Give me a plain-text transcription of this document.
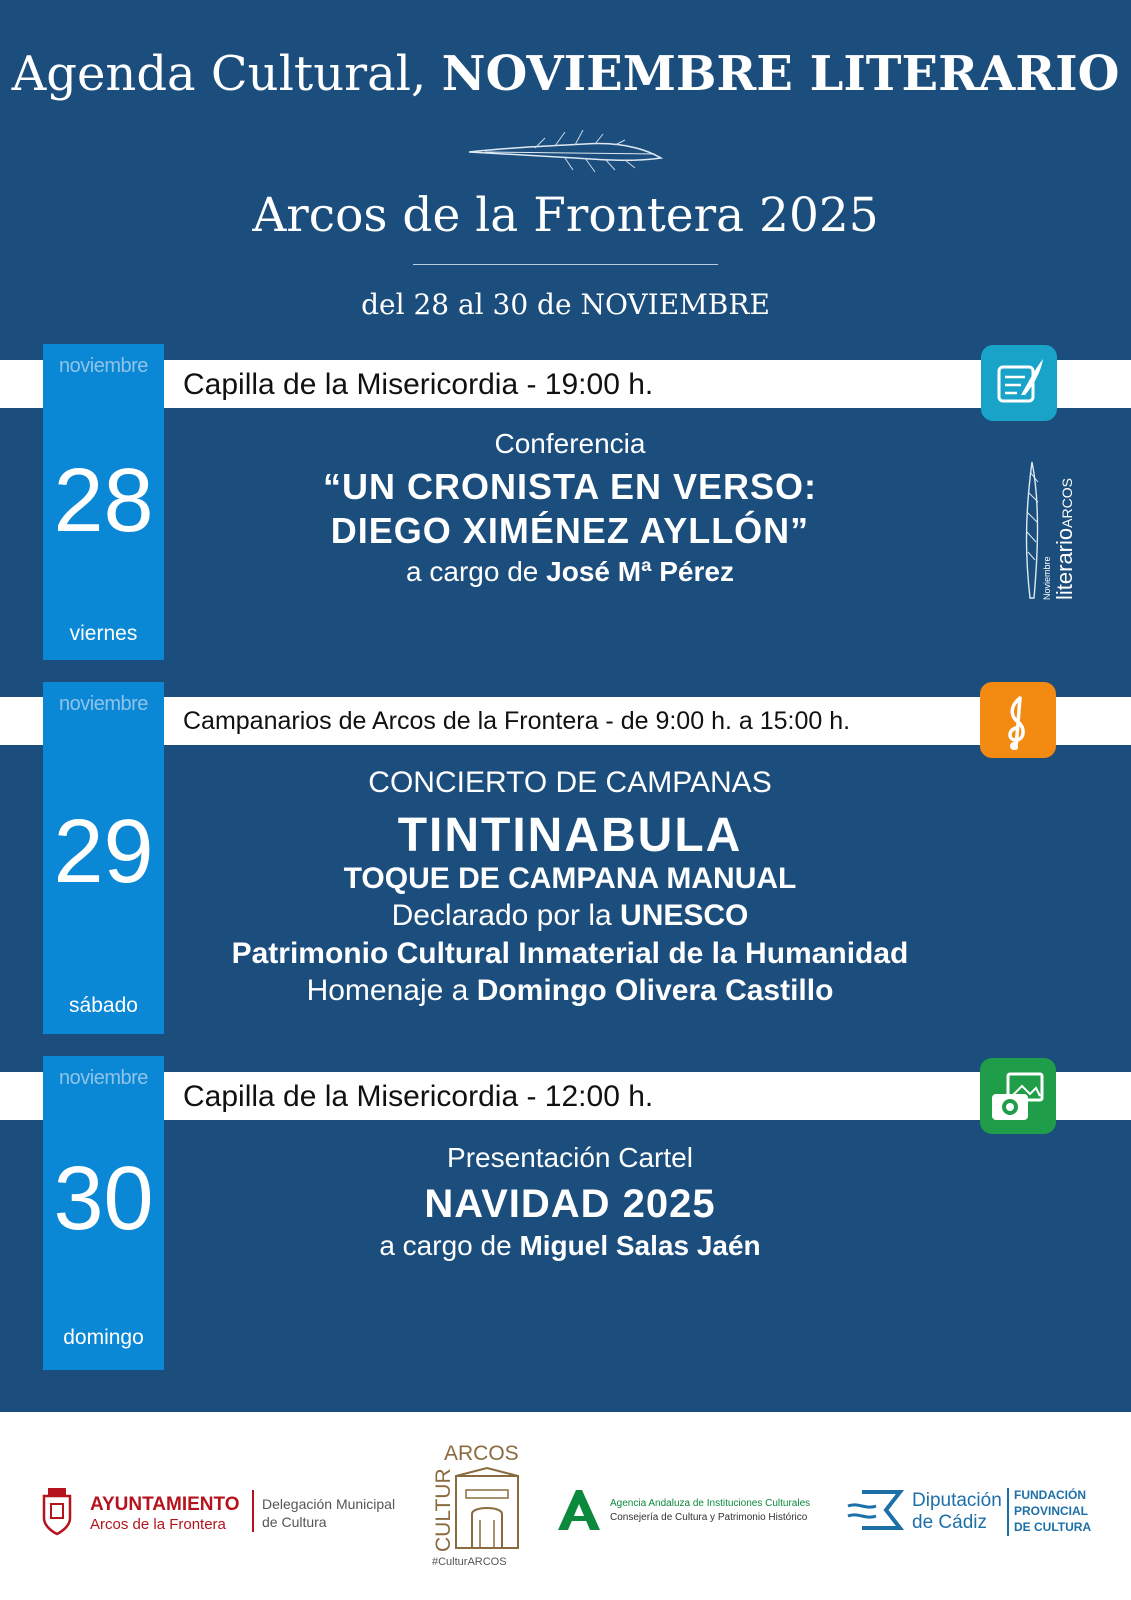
Agenda Cultural, NOVIEMBRE LITERARIO
Arcos de la Frontera 2025
del 28 al 30 de NOVIEMBRE
Capilla de la Misericordia - 19:00 h.
noviembre
28
viernes
Conferencia
“UN CRONISTA EN VERSO:
DIEGO XIMÉNEZ AYLLÓN”
a cargo de José Mª Pérez	Noviembre literarioARCOS
Campanarios de Arcos de la Frontera - de 9:00 h. a 15:00 h.
noviembre
29
sábado
CONCIERTO DE CAMPANAS
TINTINABULA
TOQUE DE CAMPANA MANUAL
Declarado por la UNESCO
Patrimonio Cultural Inmaterial de la Humanidad
Homenaje a Domingo Olivera Castillo
Capilla de la Misericordia - 12:00 h.
noviembre
30
domingo
Presentación Cartel
NAVIDAD 2025
a cargo de Miguel Salas Jaén
AYUNTAMIENTO
Arcos de la Frontera
Delegación Municipal
de Cultura
ARCOS
CULTUR
#CulturARCOS
Agencia Andaluza de Instituciones Culturales
Consejería de Cultura y Patrimonio Histórico
Diputación
de Cádiz
FUNDACIÓN
PROVINCIAL
DE CULTURA
